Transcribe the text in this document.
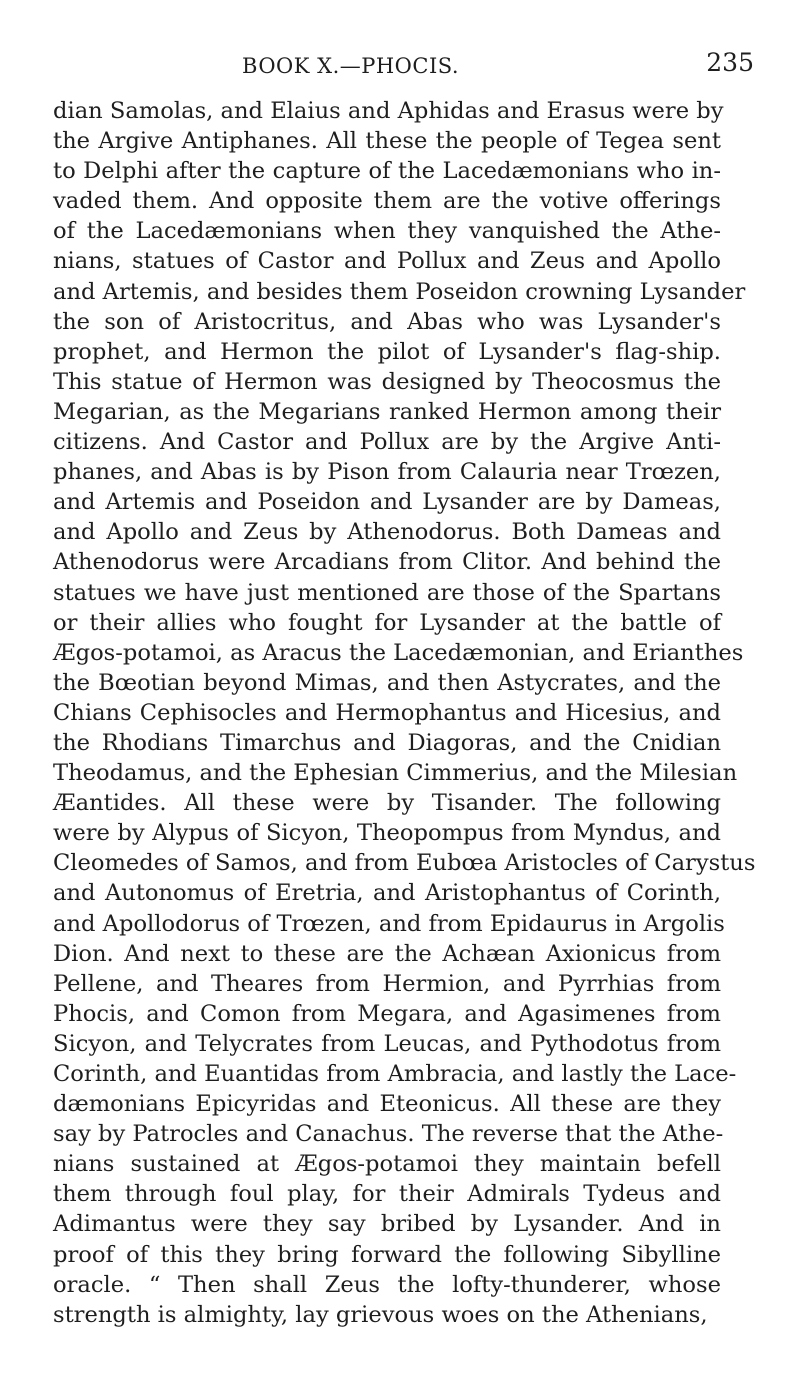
BOOK X.—PHOCIS.	235
dian Samolas, and Elaius and Aphidas and Erasus were by
the Argive Antiphanes. All these the people of Tegea sent
to Delphi after the capture of the Lacedæmonians who in-
vaded them. And opposite them are the votive offerings
of the Lacedæmonians when they vanquished the Athe-
nians, statues of Castor and Pollux and Zeus and Apollo
and Artemis, and besides them Poseidon crowning Lysander
the son of Aristocritus, and Abas who was Lysander's
prophet, and Hermon the pilot of Lysander's flag-ship.
This statue of Hermon was designed by Theocosmus the
Megarian, as the Megarians ranked Hermon among their
citizens. And Castor and Pollux are by the Argive Anti-
phanes, and Abas is by Pison from Calauria near Trœzen,
and Artemis and Poseidon and Lysander are by Dameas,
and Apollo and Zeus by Athenodorus. Both Dameas and
Athenodorus were Arcadians from Clitor. And behind the
statues we have just mentioned are those of the Spartans
or their allies who fought for Lysander at the battle of
Ægos-potamoi, as Aracus the Lacedæmonian, and Erianthes
the Bœotian beyond Mimas, and then Astycrates, and the
Chians Cephisocles and Hermophantus and Hicesius, and
the Rhodians Timarchus and Diagoras, and the Cnidian
Theodamus, and the Ephesian Cimmerius, and the Milesian
Æantides. All these were by Tisander. The following
were by Alypus of Sicyon, Theopompus from Myndus, and
Cleomedes of Samos, and from Eubœa Aristocles of Carystus
and Autonomus of Eretria, and Aristophantus of Corinth,
and Apollodorus of Trœzen, and from Epidaurus in Argolis
Dion. And next to these are the Achæan Axionicus from
Pellene, and Theares from Hermion, and Pyrrhias from
Phocis, and Comon from Megara, and Agasimenes from
Sicyon, and Telycrates from Leucas, and Pythodotus from
Corinth, and Euantidas from Ambracia, and lastly the Lace-
dæmonians Epicyridas and Eteonicus. All these are they
say by Patrocles and Canachus. The reverse that the Athe-
nians sustained at Ægos-potamoi they maintain befell
them through foul play, for their Admirals Tydeus and
Adimantus were they say bribed by Lysander. And in
proof of this they bring forward the following Sibylline
oracle. “ Then shall Zeus the lofty-thunderer, whose
strength is almighty, lay grievous woes on the Athenians,
